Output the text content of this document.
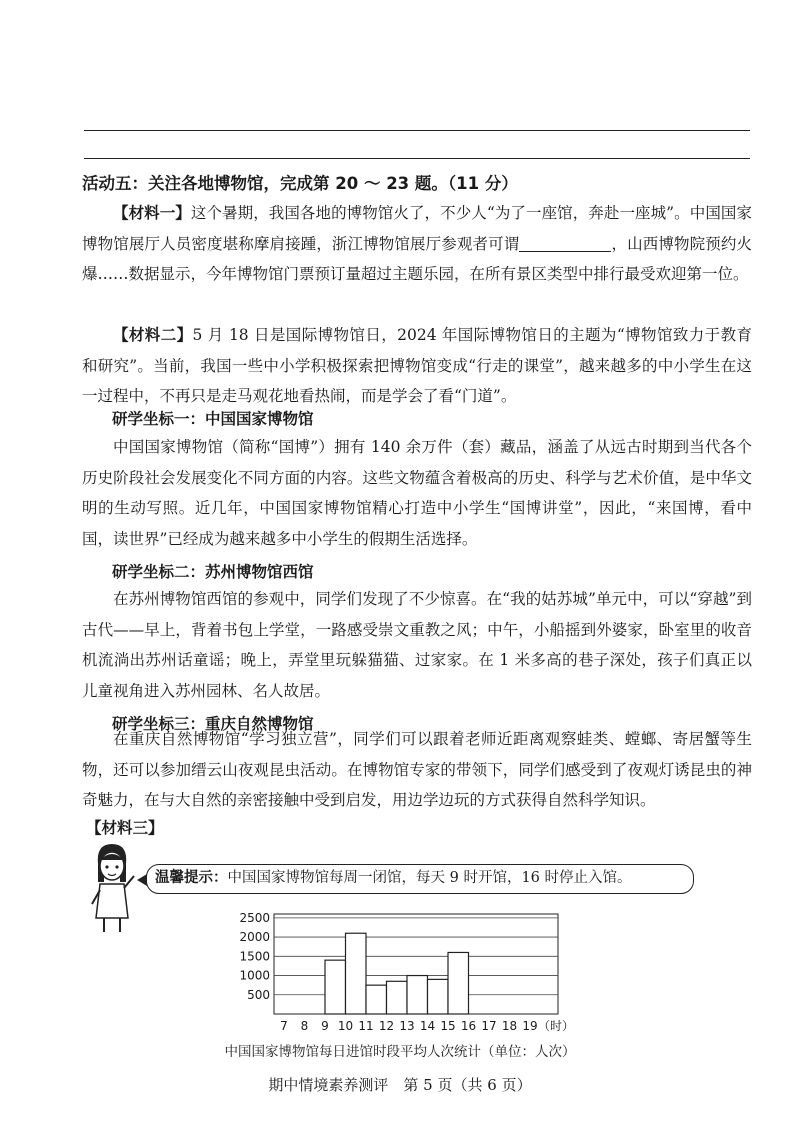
活动五：关注各地博物馆，完成第 20 ～ 23 题。（11 分）
【材料一】这个暑期，我国各地的博物馆火了，不少人“为了一座馆，奔赴一座城”。中国国家博物馆展厅人员密度堪称摩肩接踵，浙江博物馆展厅参观者可谓	，山西博物院预约火爆……数据显示，今年博物馆门票预订量超过主题乐园，在所有景区类型中排行最受欢迎第一位。
【材料二】5 月 18 日是国际博物馆日，2024 年国际博物馆日的主题为“博物馆致力于教育和研究”。当前，我国一些中小学积极探索把博物馆变成“行走的课堂”，越来越多的中小学生在这一过程中，不再只是走马观花地看热闹，而是学会了看“门道”。
研学坐标一：中国国家博物馆
中国国家博物馆（简称“国博”）拥有 140 余万件（套）藏品，涵盖了从远古时期到当代各个历史阶段社会发展变化不同方面的内容。这些文物蕴含着极高的历史、科学与艺术价值，是中华文明的生动写照。近几年，中国国家博物馆精心打造中小学生“国博讲堂”，因此，“来国博，看中国，读世界”已经成为越来越多中小学生的假期生活选择。
研学坐标二：苏州博物馆西馆
在苏州博物馆西馆的参观中，同学们发现了不少惊喜。在“我的姑苏城”单元中，可以“穿越”到古代——早上，背着书包上学堂，一路感受崇文重教之风；中午，小船摇到外婆家，卧室里的收音机流淌出苏州话童谣；晚上，弄堂里玩躲猫猫、过家家。在 1 米多高的巷子深处，孩子们真正以儿童视角进入苏州园林、名人故居。
研学坐标三：重庆自然博物馆
在重庆自然博物馆“学习独立营”，同学们可以跟着老师近距离观察蛙类、螳螂、寄居蟹等生物，还可以参加缙云山夜观昆虫活动。在博物馆专家的带领下，同学们感受到了夜观灯诱昆虫的神奇魅力，在与大自然的亲密接触中受到启发，用边学边玩的方式获得自然科学知识。
【材料三】
温馨提示：中国国家博物馆每周一闭馆，每天 9 时开馆，16 时停止入馆。
500
1000
1500
2000
2500
7 8 9 10 11 12 13 14 15 16 17 18 19 （时）
中国国家博物馆每日进馆时段平均人次统计（单位：人次）
期中情境素养测评　第 5 页（共 6 页）
